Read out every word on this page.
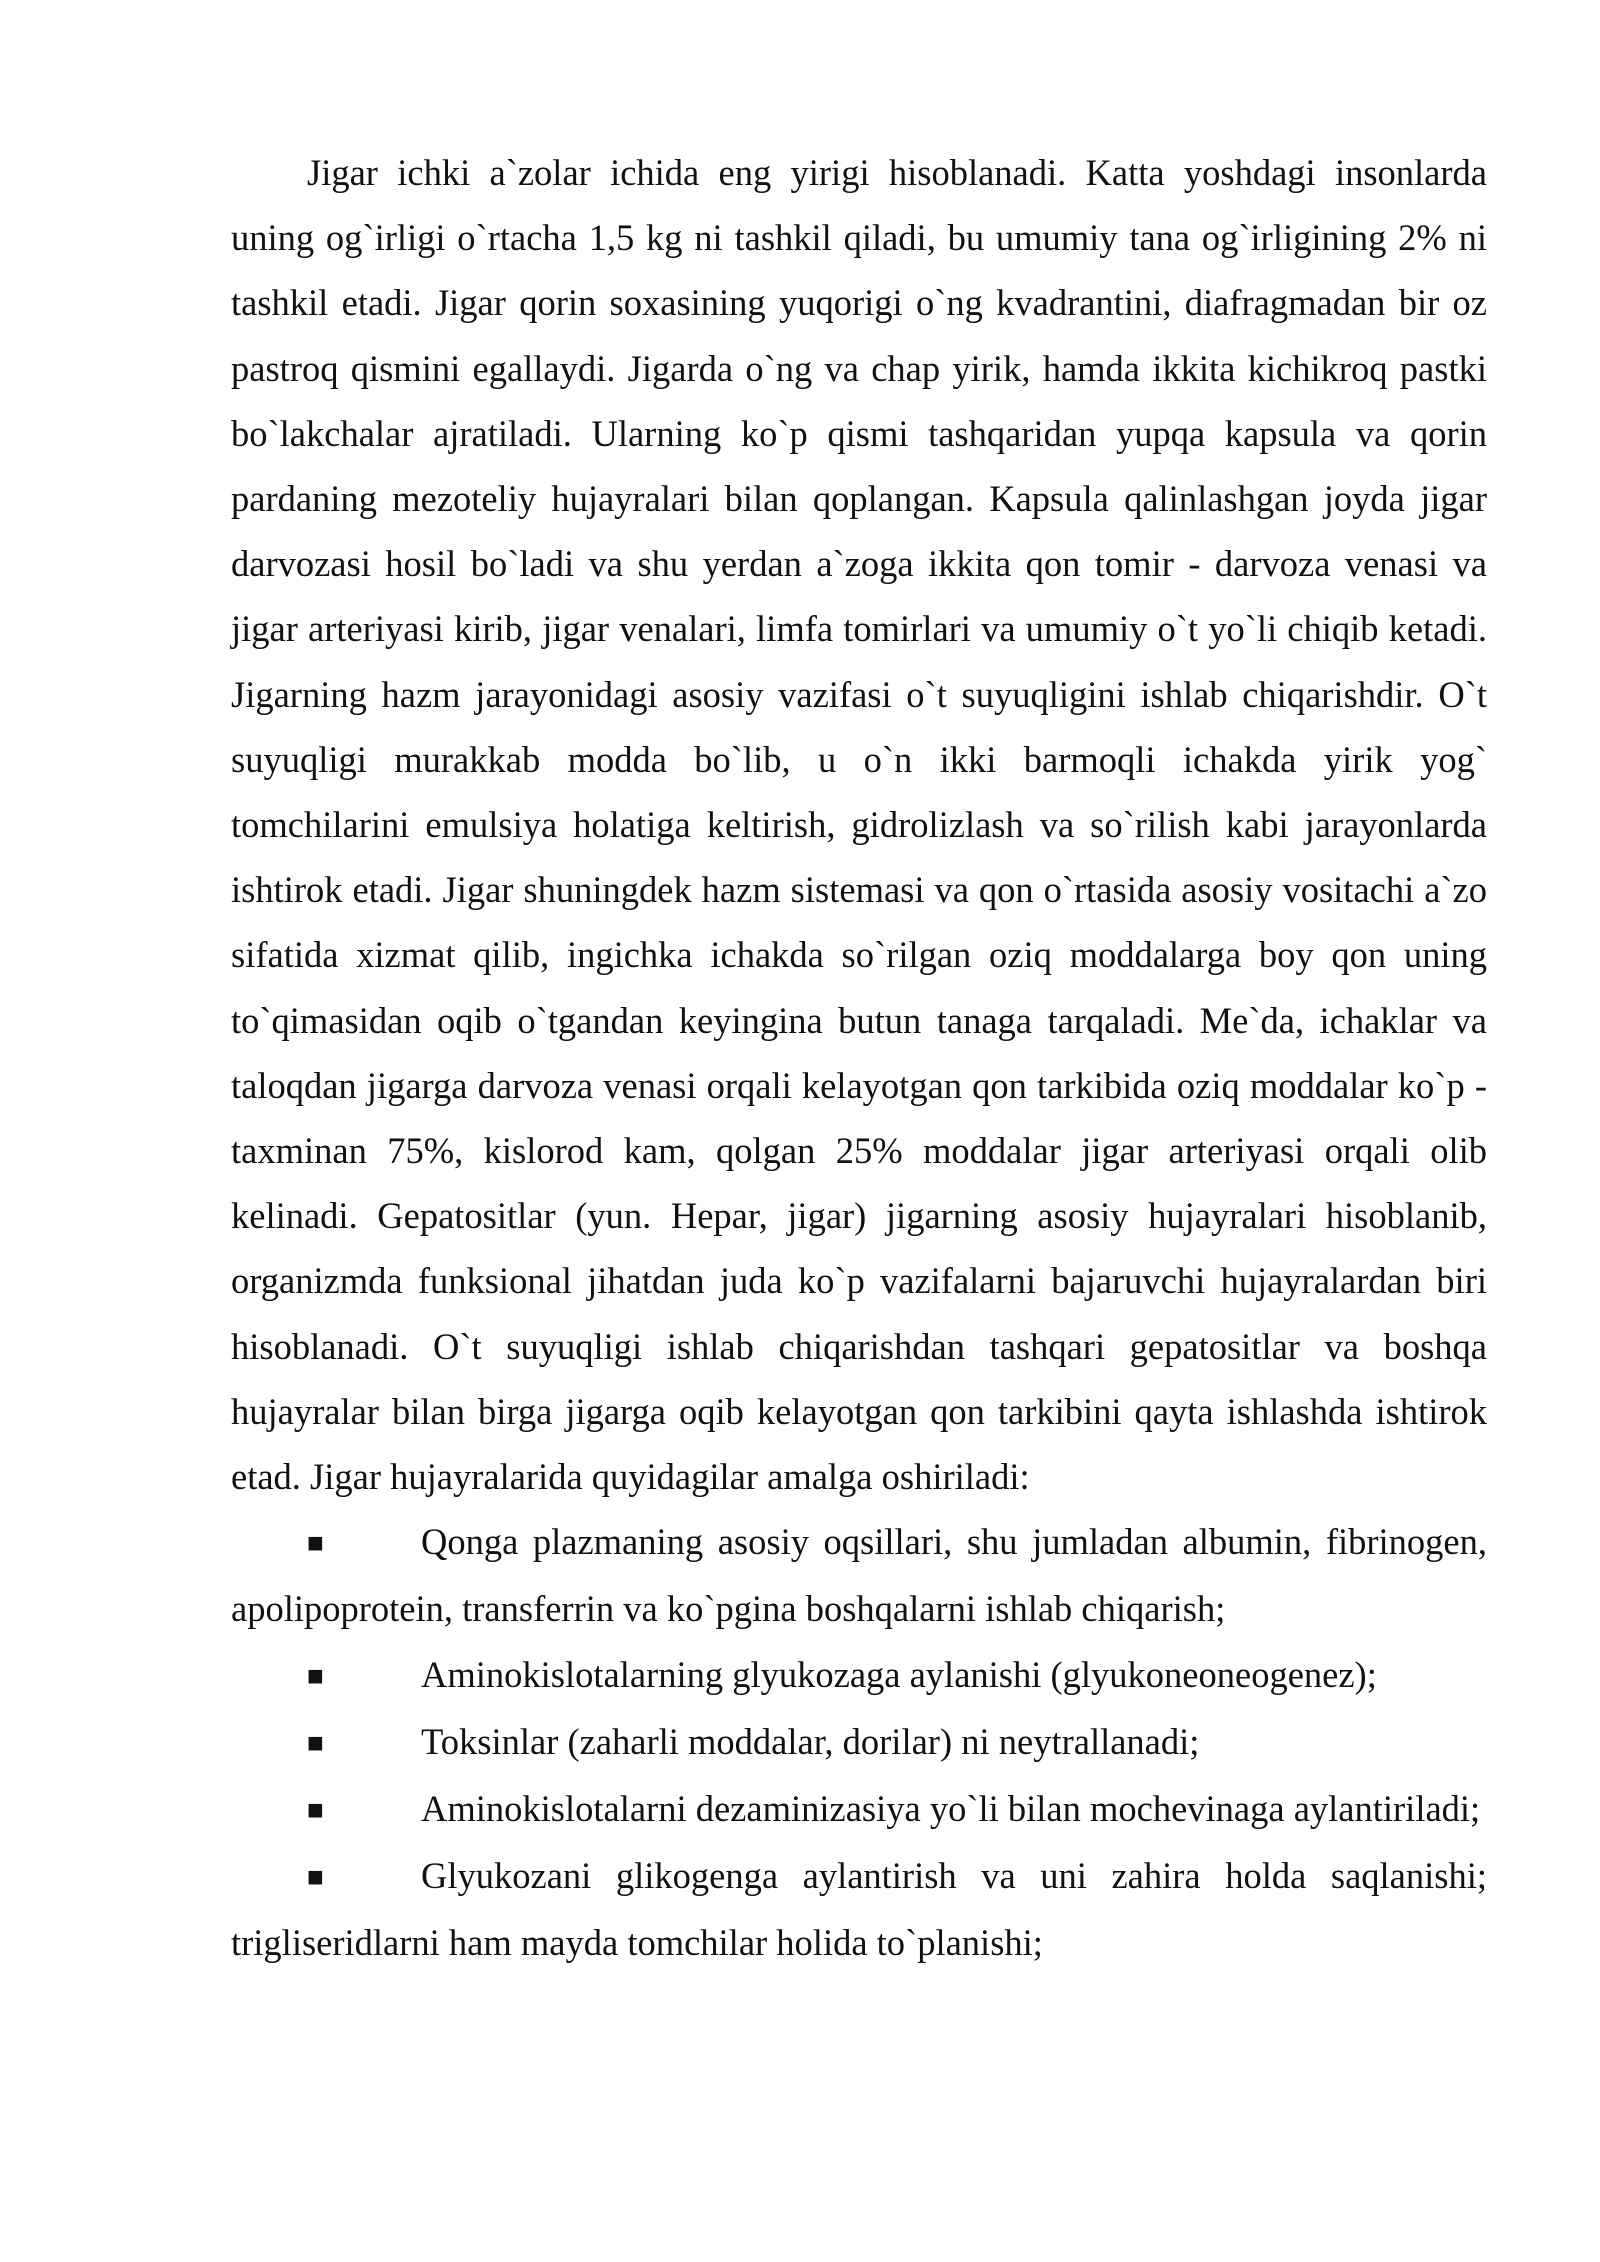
Jigar ichki a`zolar ichida eng yirigi hisoblanadi. Katta yoshdagi insonlarda uning og`irligi o`rtacha 1,5 kg ni tashkil qiladi, bu umumiy tana og`irligining 2% ni tashkil etadi. Jigar qorin soxasining yuqorigi o`ng kvadrantini, diafragmadan bir oz pastroq qismini egallaydi. Jigarda o`ng va chap yirik, hamda ikkita kichikroq pastki bo`lakchalar ajratiladi. Ularning ko`p qismi tashqaridan yupqa kapsula va qorin pardaning mezoteliy hujayralari bilan qoplangan. Kapsula qalinlashgan joyda jigar darvozasi hosil bo`ladi va shu yerdan a`zoga ikkita qon tomir - darvoza venasi va jigar arteriyasi kirib, jigar venalari, limfa tomirlari va umumiy o`t yo`li chiqib ketadi. Jigarning hazm jarayonidagi asosiy vazifasi o`t suyuqligini ishlab chiqarishdir. O`t suyuqligi murakkab modda bo`lib, u o`n ikki barmoqli ichakda yirik yog` tomchilarini emulsiya holatiga keltirish, gidrolizlash va so`rilish kabi jarayonlarda ishtirok etadi. Jigar shuningdek hazm sistemasi va qon o`rtasida asosiy vositachi a`zo sifatida xizmat qilib, ingichka ichakda so`rilgan oziq moddalarga boy qon uning to`qimasidan oqib o`tgandan keyingina butun tanaga tarqaladi. Me`da, ichaklar va taloqdan jigarga darvoza venasi orqali kelayotgan qon tarkibida oziq moddalar ko`p - taxminan 75%, kislorod kam, qolgan 25% moddalar jigar arteriyasi orqali olib kelinadi. Gepatositlar (yun. Hepar, jigar) jigarning asosiy hujayralari hisoblanib, organizmda funksional jihatdan juda ko`p vazifalarni bajaruvchi hujayralardan biri hisoblanadi. O`t suyuqligi ishlab chiqarishdan tashqari gepatositlar va boshqa hujayralar bilan birga jigarga oqib kelayotgan qon tarkibini qayta ishlashda ishtirok etad. Jigar hujayralarida quyidagilar amalga oshiriladi:

■	Qonga plazmaning asosiy oqsillari, shu jumladan albumin, fibrinogen, apolipoprotein, transferrin va ko`pgina boshqalarni ishlab chiqarish;

■	Aminokislotalarning glyukozaga aylanishi (glyukoneoneogenez);

■	Toksinlar (zaharli moddalar, dorilar) ni neytrallanadi;

■	Aminokislotalarni dezaminizasiya yo`li bilan mochevinaga aylantiriladi;

■	Glyukozani glikogenga aylantirish va uni zahira holda saqlanishi; trigliseridlarni ham mayda tomchilar holida to`planishi;
